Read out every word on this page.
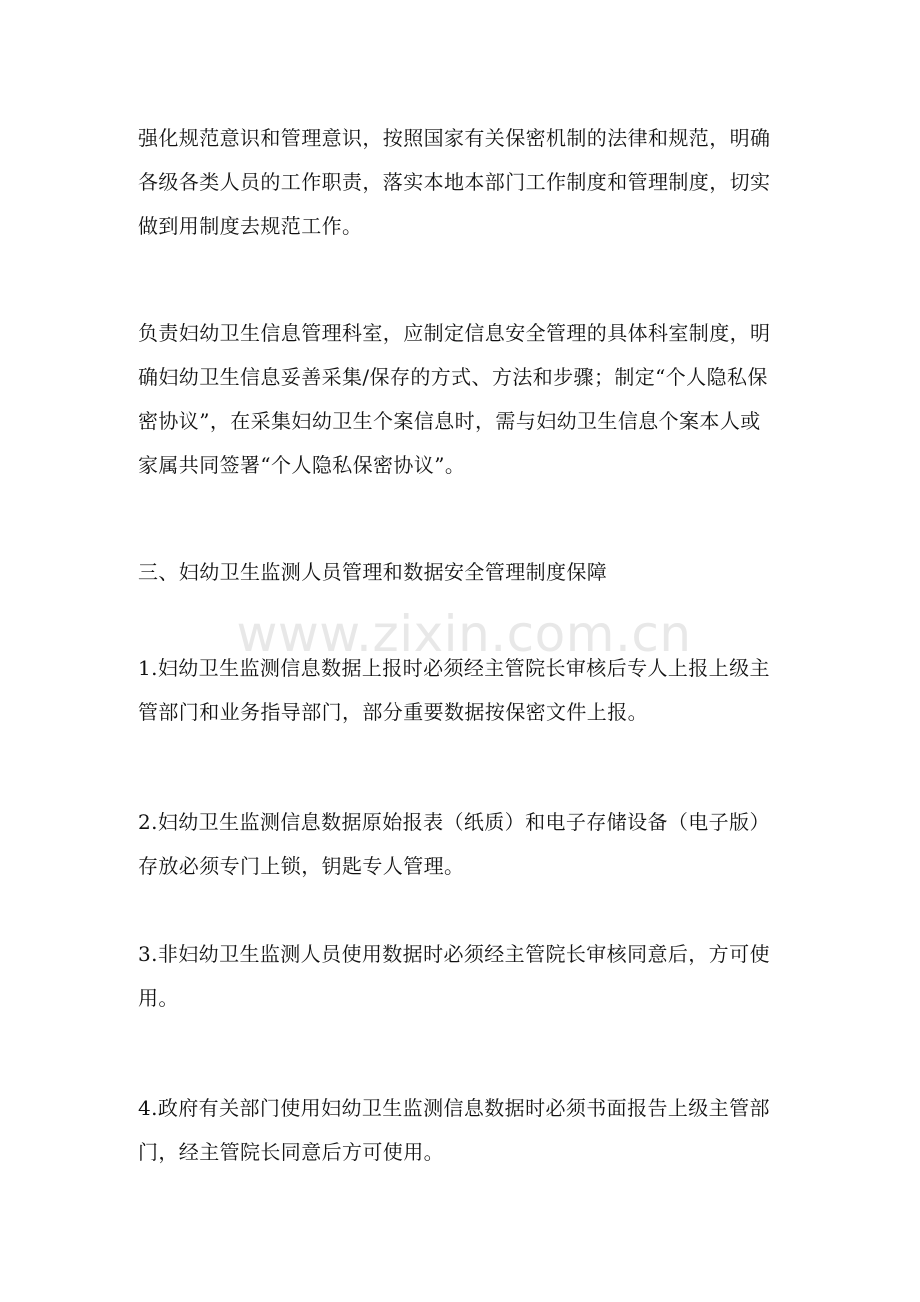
www.zixin.com.cn

强化规范意识和管理意识，按照国家有关保密机制的法律和规范，明确各级各类人员的工作职责，落实本地本部门工作制度和管理制度，切实做到用制度去规范工作。

负责妇幼卫生信息管理科室，应制定信息安全管理的具体科室制度，明确妇幼卫生信息妥善采集/保存的方式、方法和步骤；制定“个人隐私保密协议”，在采集妇幼卫生个案信息时，需与妇幼卫生信息个案本人或家属共同签署“个人隐私保密协议”。

三、妇幼卫生监测人员管理和数据安全管理制度保障

1.妇幼卫生监测信息数据上报时必须经主管院长审核后专人上报上级主管部门和业务指导部门，部分重要数据按保密文件上报。

2.妇幼卫生监测信息数据原始报表（纸质）和电子存储设备（电子版）存放必须专门上锁，钥匙专人管理。

3.非妇幼卫生监测人员使用数据时必须经主管院长审核同意后，方可使用。

4.政府有关部门使用妇幼卫生监测信息数据时必须书面报告上级主管部门，经主管院长同意后方可使用。
